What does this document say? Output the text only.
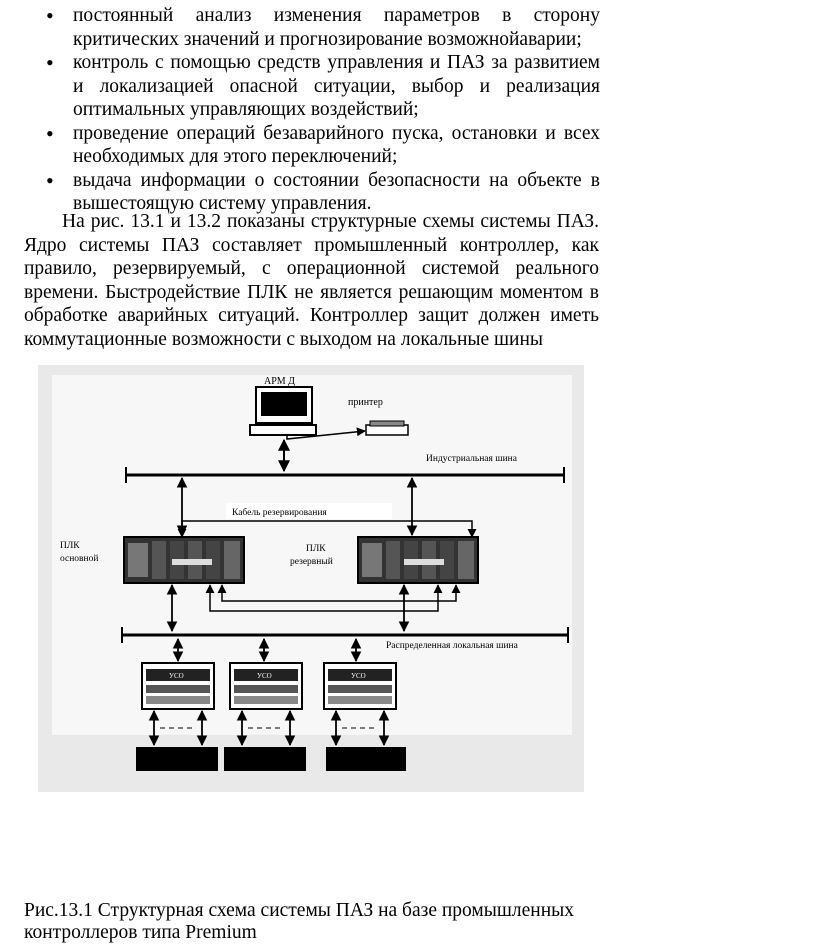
• постоянный анализ изменения параметров в сторону критических значений и прогнозирование возможнойаварии;
• контроль с помощью средств управления и ПАЗ за развитием и локализацией опасной ситуации, выбор и реализация оптимальных управляющих воздействий;
• проведение операций безаварийного пуска, остановки и всех необходимых для этого переключений;
• выдача информации о состоянии безопасности на объекте в вышестоящую систему управления.

На рис. 13.1 и 13.2 показаны структурные схемы системы ПАЗ. Ядро системы ПАЗ составляет промышленный контроллер, как правило, резервируемый, с операционной системой реального времени. Быстродействие ПЛК не является решающим моментом в обработке аварийных ситуаций. Контроллер защит должен иметь коммутационные возможности с выходом на локальные шины

АРМ Д
принтер
Индустриальная шина
Кабель резервирования
ПЛК
основной
ПЛК
резервный
Распределенная локальная шина
УСО	УСО	УСО

Рис.13.1 Структурная схема системы ПАЗ на базе промышленных
контроллеров типа Premium
